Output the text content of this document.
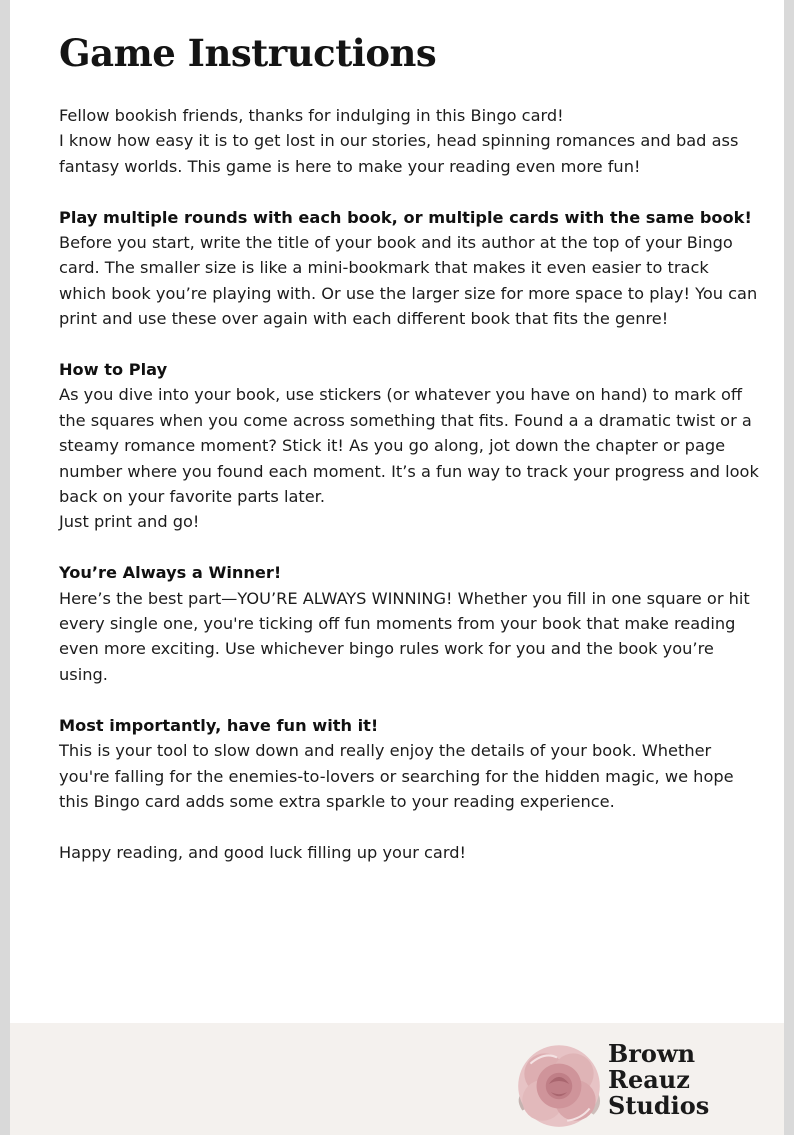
Game Instructions

Fellow bookish friends, thanks for indulging in this Bingo card!
I know how easy it is to get lost in our stories, head spinning romances and bad ass fantasy worlds. This game is here to make your reading even more fun!

Play multiple rounds with each book, or multiple cards with the same book!
Before you start, write the title of your book and its author at the top of your Bingo card. The smaller size is like a mini-bookmark that makes it even easier to track which book you’re playing with. Or use the larger size for more space to play! You can print and use these over again with each different book that fits the genre!

How to Play
As you dive into your book, use stickers (or whatever you have on hand) to mark off the squares when you come across something that fits. Found a a dramatic twist or a steamy romance moment? Stick it! As you go along, jot down the chapter or page number where you found each moment. It’s a fun way to track your progress and look back on your favorite parts later.
Just print and go!

You’re Always a Winner!
Here’s the best part—YOU’RE ALWAYS WINNING! Whether you fill in one square or hit every single one, you're ticking off fun moments from your book that make reading even more exciting. Use whichever bingo rules work for you and the book you’re using.

Most importantly, have fun with it!
This is your tool to slow down and really enjoy the details of your book. Whether you're falling for the enemies-to-lovers or searching for the hidden magic, we hope this Bingo card adds some extra sparkle to your reading experience.

Happy reading, and good luck filling up your card!

Brown
Reauz
Studios
